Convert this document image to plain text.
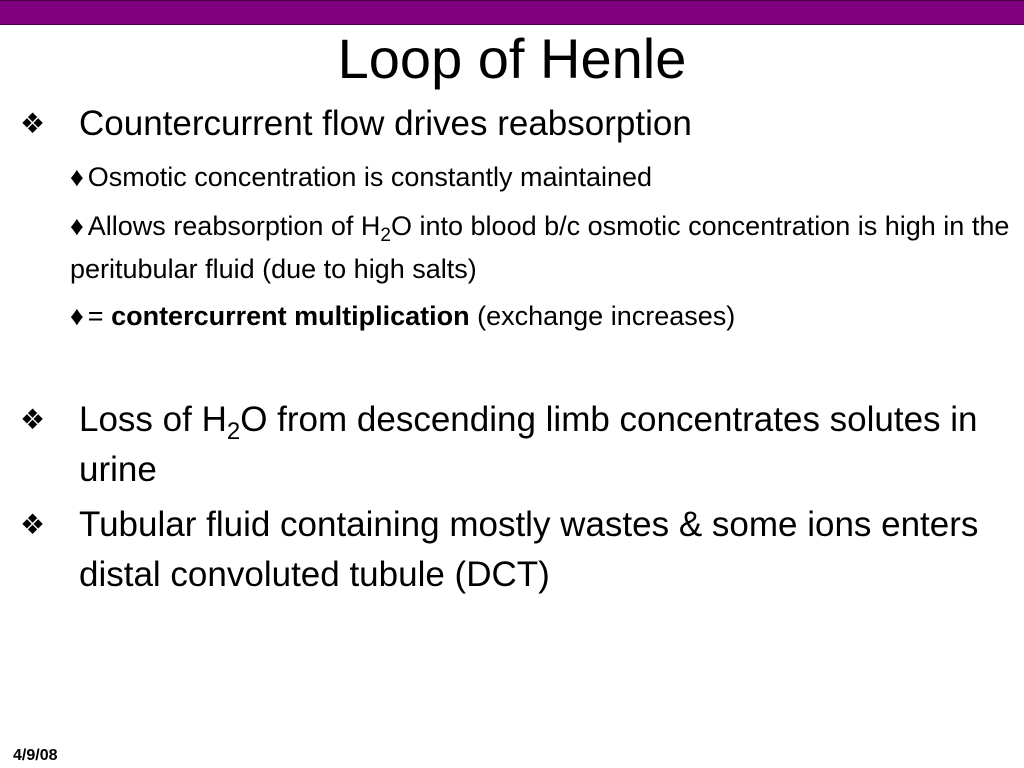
Loop of Henle
❖ Countercurrent flow drives reabsorption
♦ Osmotic concentration is constantly maintained
♦ Allows reabsorption of $H_2O$ into blood b/c osmotic concentration is high in the peritubular fluid (due to high salts)
♦ = contercurrent multiplication (exchange increases)
❖ Loss of $H_2O$ from descending limb concentrates solutes in urine
❖ Tubular fluid containing mostly wastes & some ions enters distal convoluted tubule (DCT)
4/9/08
